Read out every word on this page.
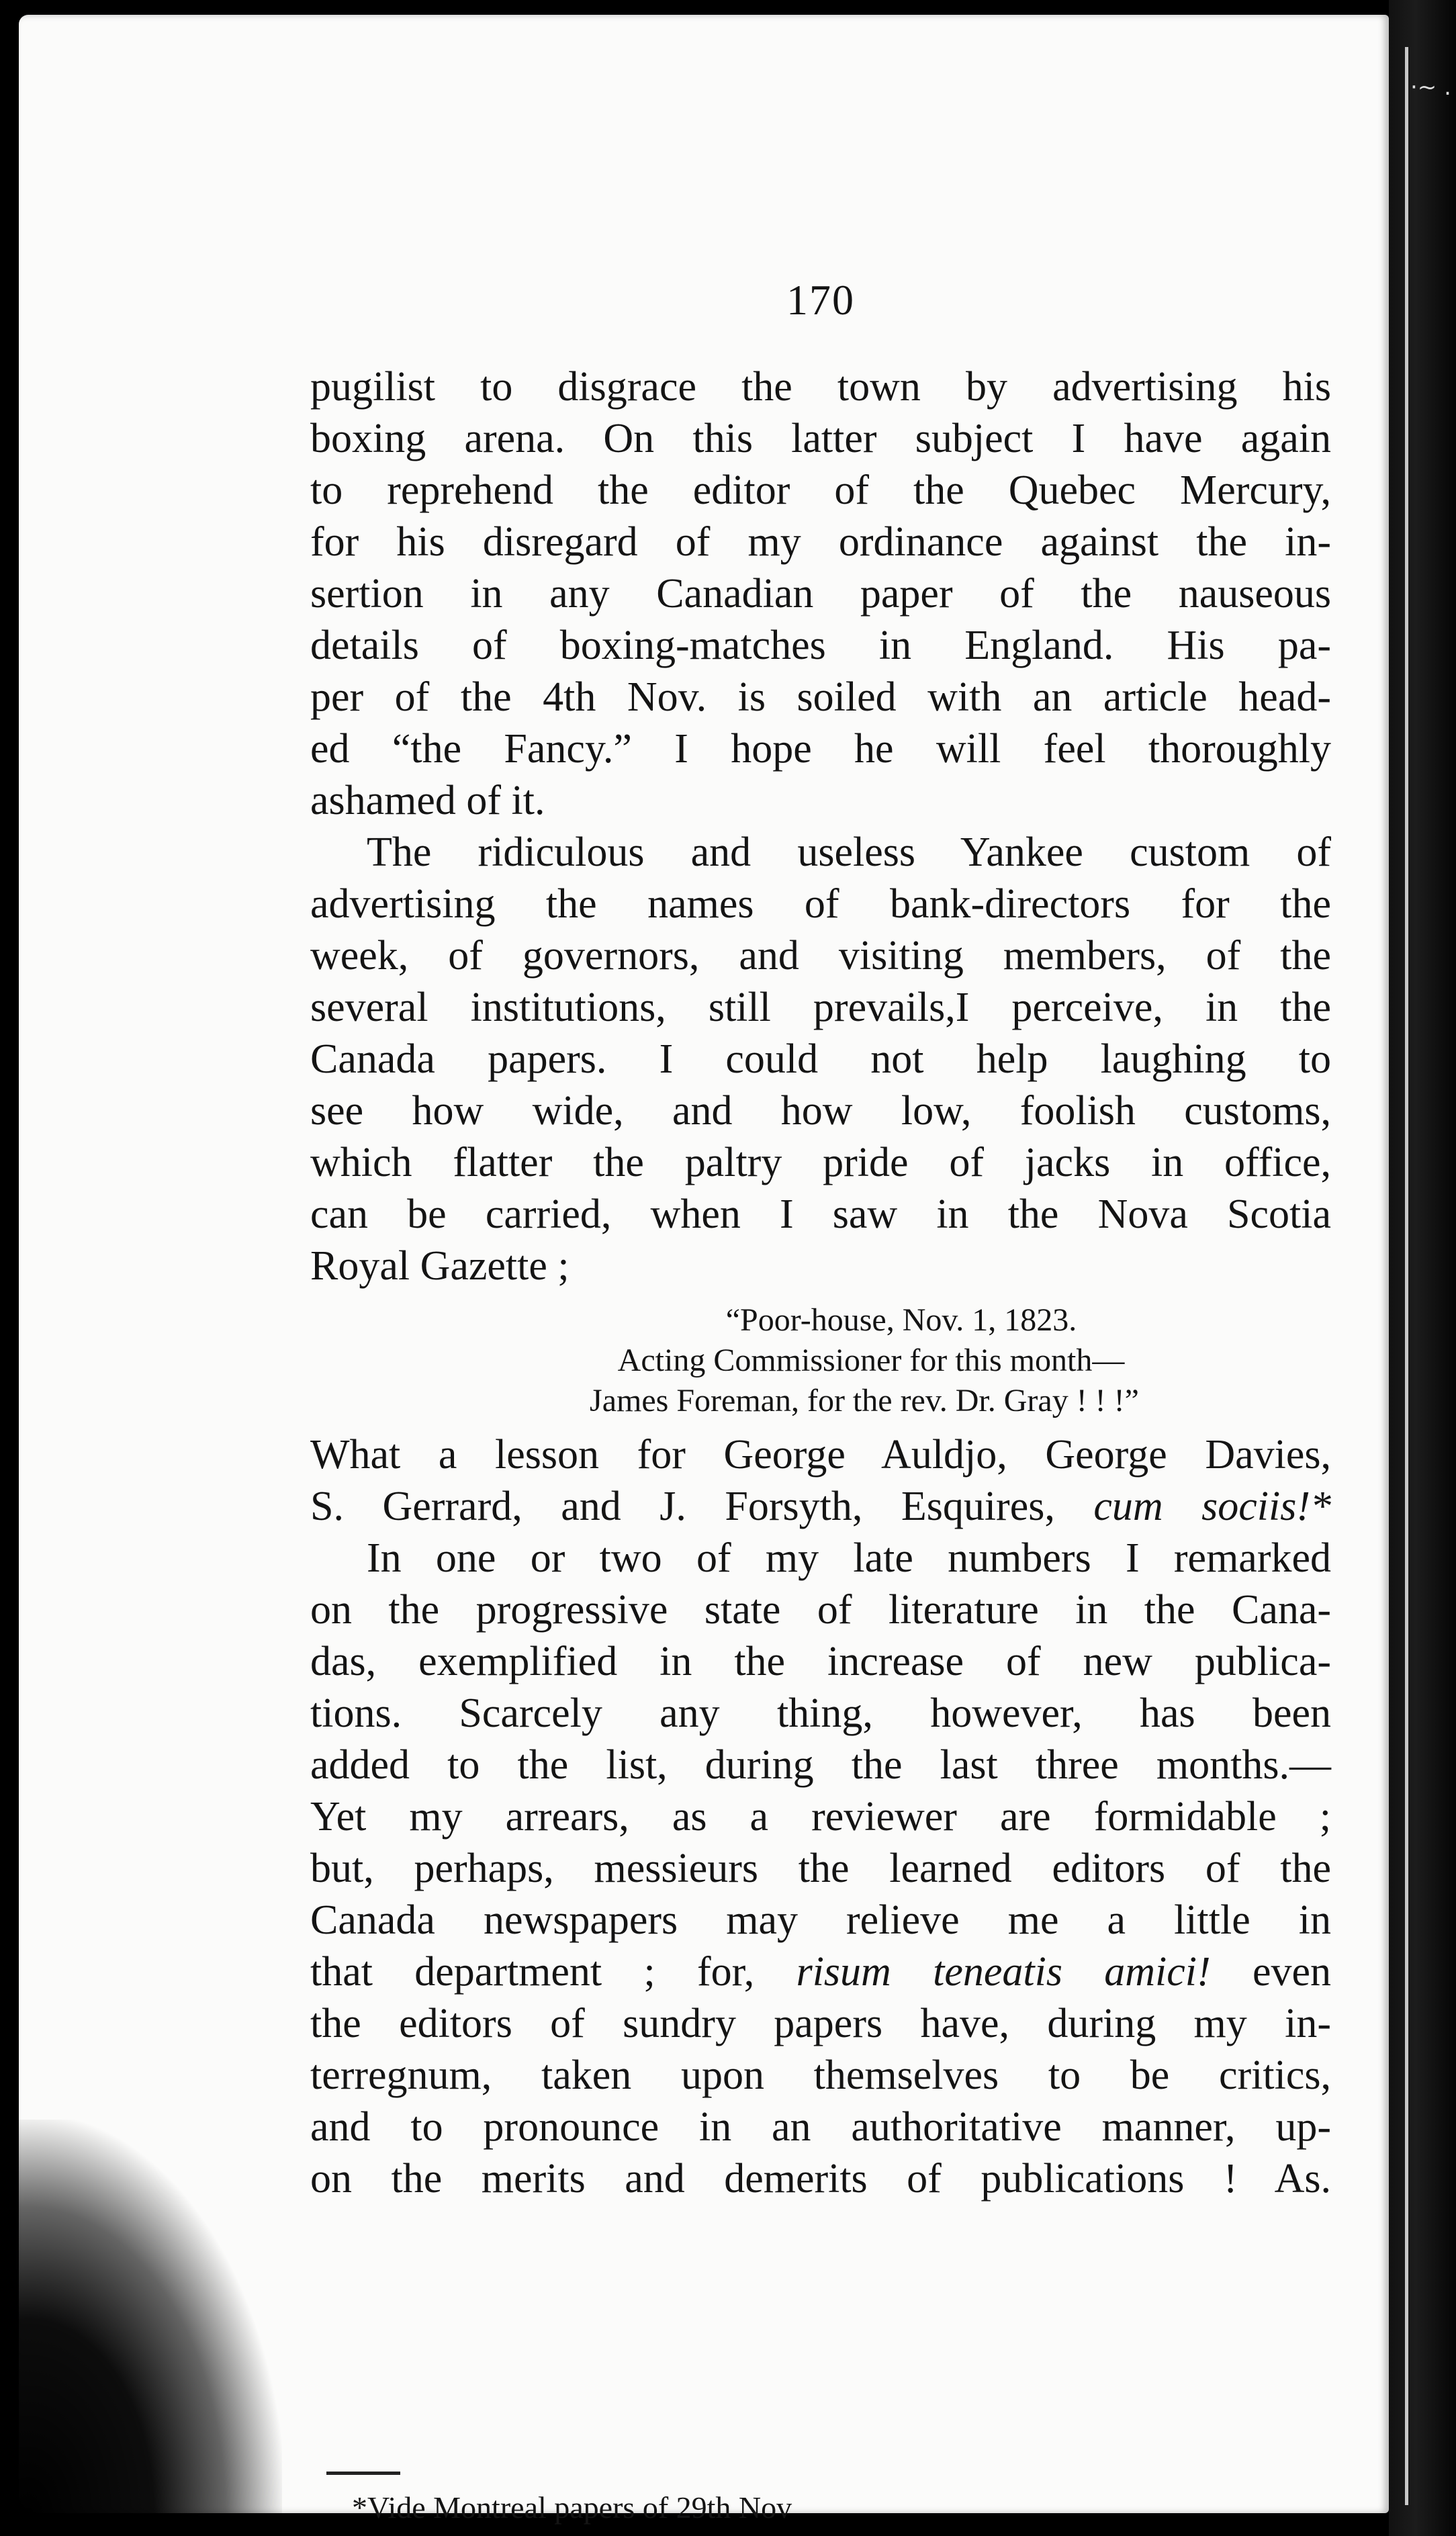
·~ .
170
pugilist to disgrace the town by advertising his
boxing arena. On this latter subject I have again
to reprehend the editor of the Quebec Mercury,
for his disregard of my ordinance against the in-
sertion in any Canadian paper of the nauseous
details of boxing-matches in England. His pa-
per of the 4th Nov. is soiled with an article head-
ed “the Fancy.” I hope he will feel thoroughly
ashamed of it.
The ridiculous and useless Yankee custom of
advertising the names of bank-directors for the
week, of governors, and visiting members, of the
several institutions, still prevails,I perceive, in the
Canada papers. I could not help laughing to
see how wide, and how low, foolish customs,
which flatter the paltry pride of jacks in office,
can be carried, when I saw in the Nova Scotia
Royal Gazette ;
“Poor-house, Nov. 1, 1823.
Acting Commissioner for this month—
James Foreman, for the rev. Dr. Gray ! ! !”
What a lesson for George Auldjo, George Davies,
S. Gerrard, and J. Forsyth, Esquires, cum sociis!*
In one or two of my late numbers I remarked
on the progressive state of literature in the Cana-
das, exemplified in the increase of new publica-
tions. Scarcely any thing, however, has been
added to the list, during the last three months.—
Yet my arrears, as a reviewer are formidable ;
but, perhaps, messieurs the learned editors of the
Canada newspapers may relieve me a little in
that department ; for, risum teneatis amici! even
the editors of sundry papers have, during my in-
terregnum, taken upon themselves to be critics,
and to pronounce in an authoritative manner, up-
on the merits and demerits of publications ! As.
*Vide Montreal papers of 29th Nov
